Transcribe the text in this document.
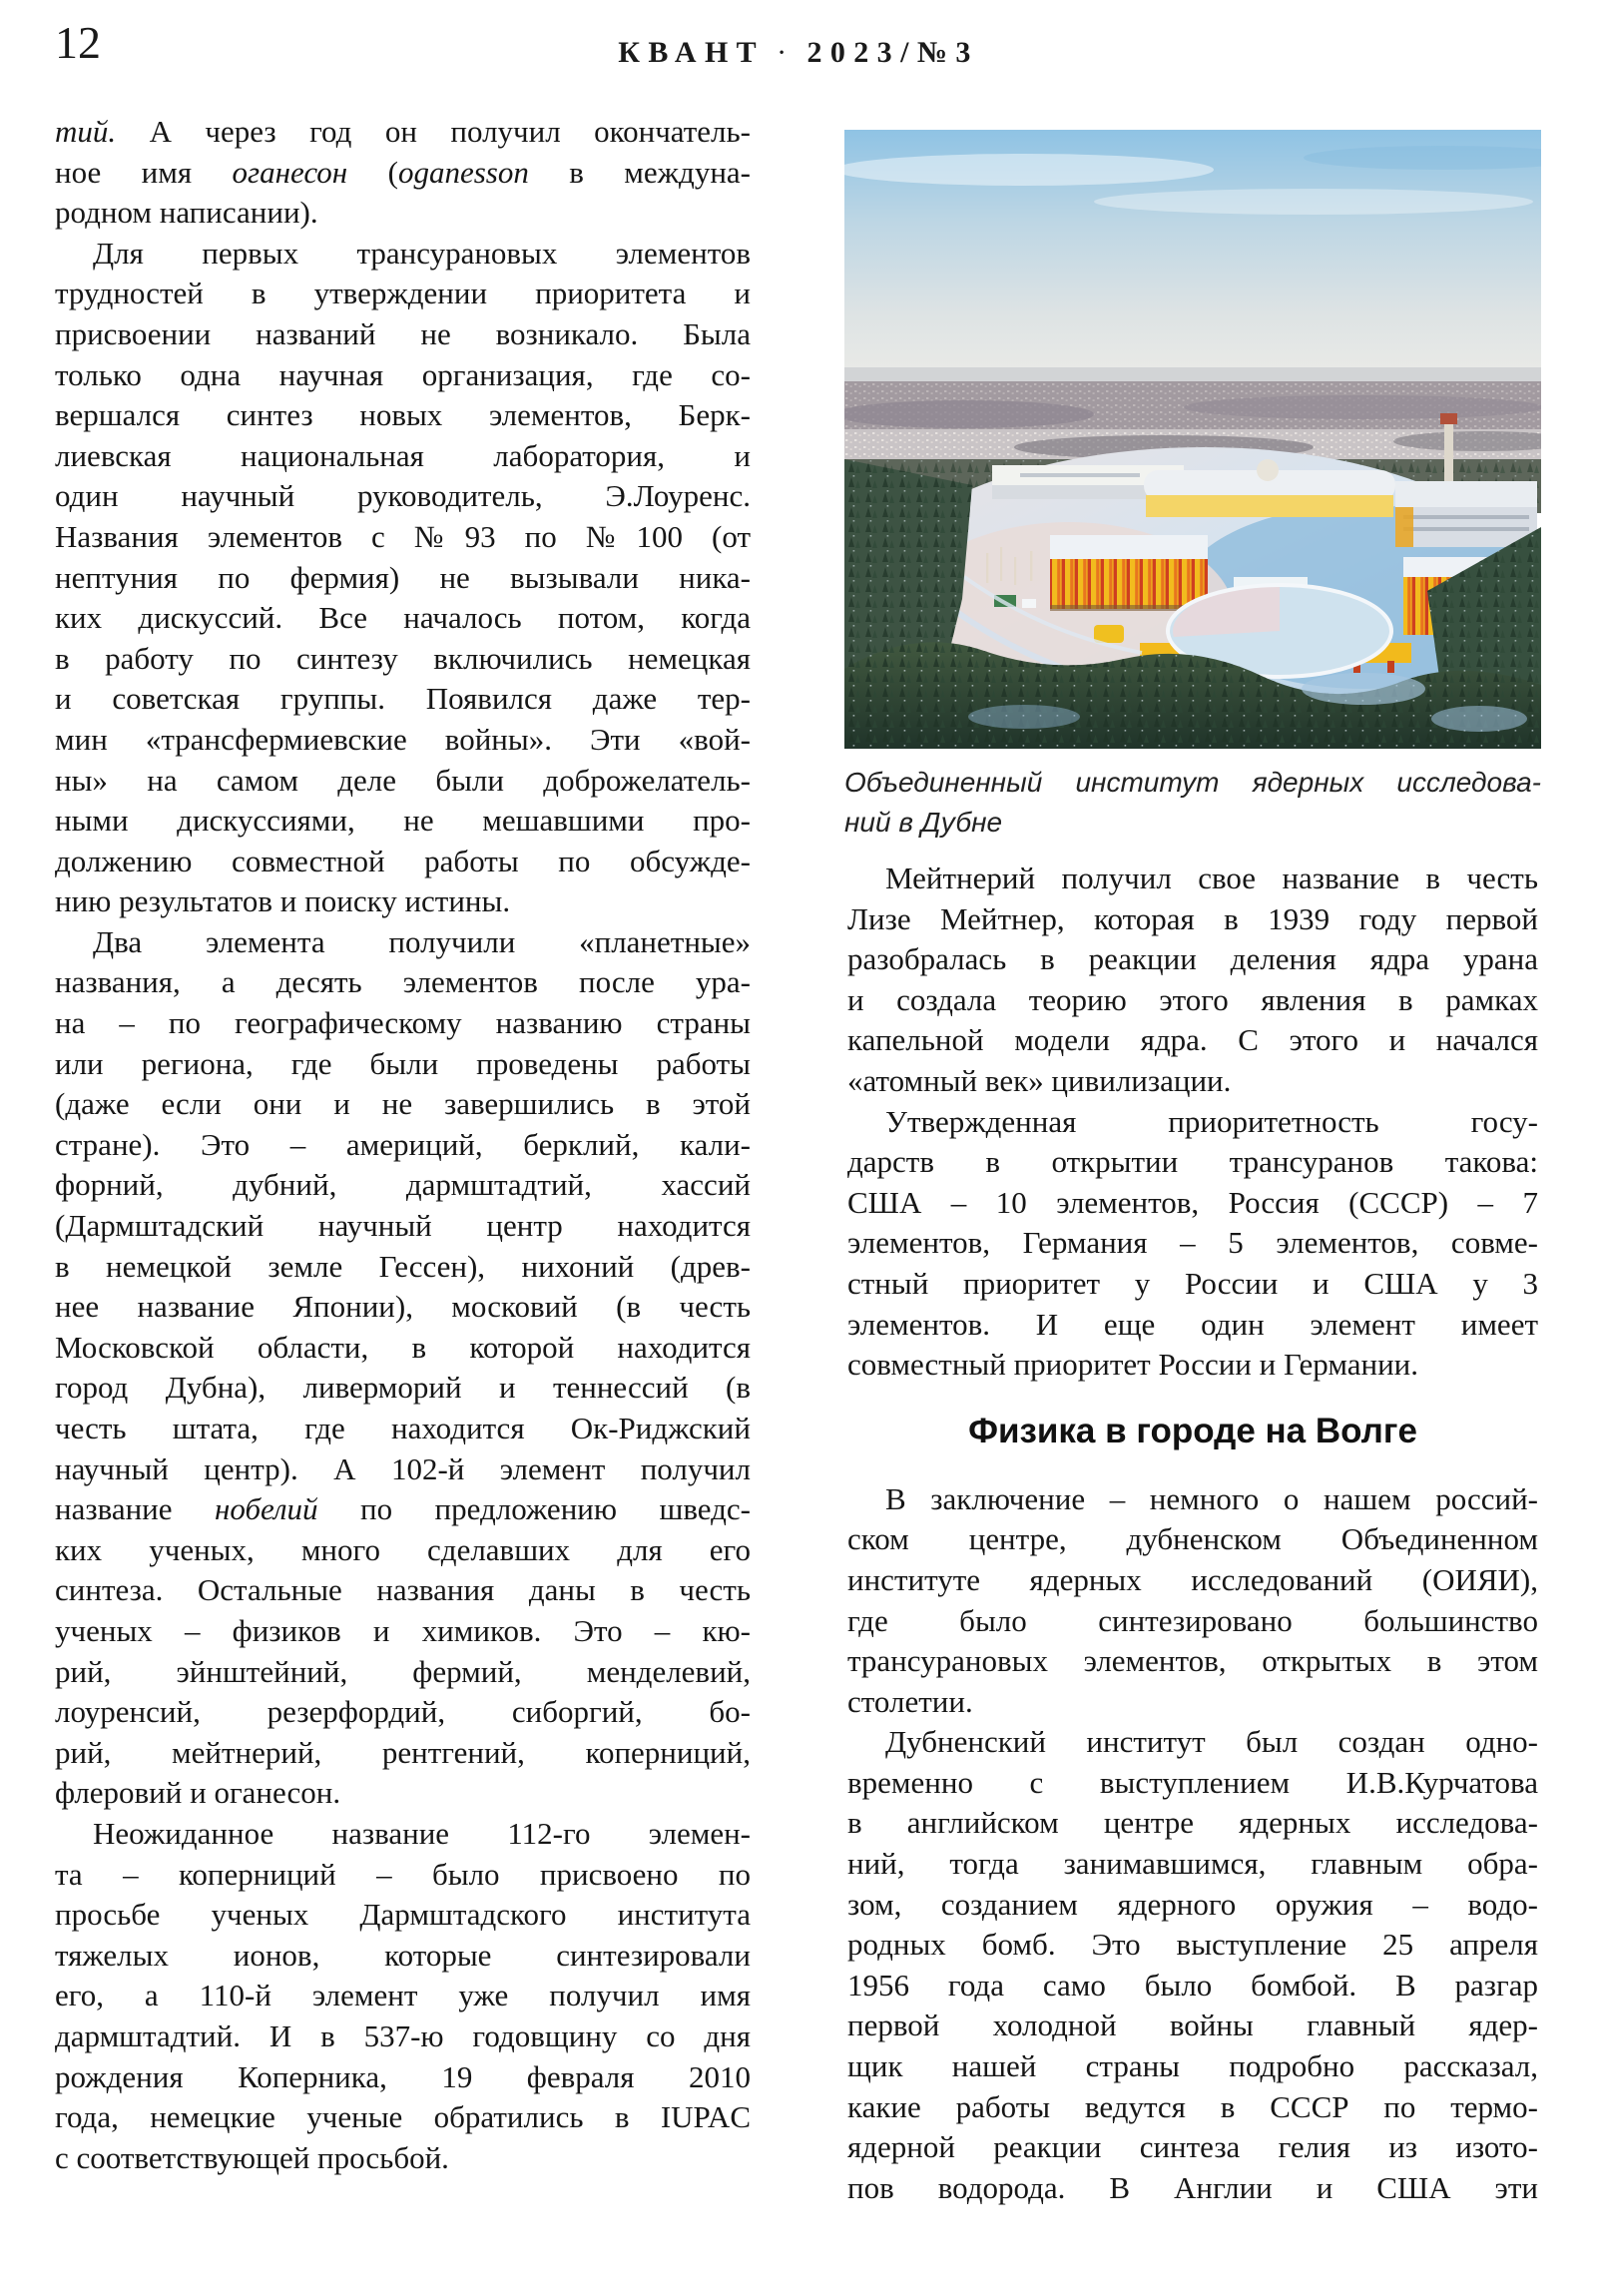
12	КВАНТ · 2023/№3
тий. А через год он получил окончатель-
ное имя оганесон (oganesson в междуна-
родном написании).
Для первых трансурановых элементов
трудностей в утверждении приоритета и
присвоении названий не возникало. Была
только одна научная организация, где со-
вершался синтез новых элементов, Берк-
лиевская национальная лаборатория, и
один научный руководитель, Э.Лоуренс.
Названия элементов с №93 по №100 (от
нептуния по фермия) не вызывали ника-
ких дискуссий. Все началось потом, когда
в работу по синтезу включились немецкая
и советская группы. Появился даже тер-
мин «трансфермиевские войны». Эти «вой-
ны» на самом деле были доброжелатель-
ными дискуссиями, не мешавшими про-
должению совместной работы по обсужде-
нию результатов и поиску истины.
Два элемента получили «планетные»
названия, а десять элементов после ура-
на – по географическому названию страны
или региона, где были проведены работы
(даже если они и не завершились в этой
стране). Это – америций, берклий, кали-
форний, дубний, дармштадтий, хассий
(Дармштадский научный центр находится
в немецкой земле Гессен), нихоний (древ-
нее название Японии), московий (в честь
Московской области, в которой находится
город Дубна), ливерморий и теннессий (в
честь штата, где находится Ок-Риджский
научный центр). А 102-й элемент получил
название нобелий по предложению шведс-
ких ученых, много сделавших для его
синтеза. Остальные названия даны в честь
ученых – физиков и химиков. Это – кю-
рий, эйнштейний, фермий, менделевий,
лоуренсий, резерфордий, сиборгий, бо-
рий, мейтнерий, рентгений, коперниций,
флеровий и оганесон.
Неожиданное название 112-го элемен-
та – коперниций – было присвоено по
просьбе ученых Дармштадского института
тяжелых ионов, которые синтезировали
его, а 110-й элемент уже получил имя
дармштадтий. И в 537-ю годовщину со дня
рождения Коперника, 19 февраля 2010
года, немецкие ученые обратились в IUPAC
с соответствующей просьбой.
Объединенный институт ядерных исследова-
ний в Дубне
Мейтнерий получил свое название в честь
Лизе Мейтнер, которая в 1939 году первой
разобралась в реакции деления ядра урана
и создала теорию этого явления в рамках
капельной модели ядра. С этого и начался
«атомный век» цивилизации.
Утвержденная приоритетность госу-
дарств в открытии трансуранов такова:
США – 10 элементов, Россия (СССР) – 7
элементов, Германия – 5 элементов, совме-
стный приоритет у России и США у 3
элементов. И еще один элемент имеет
совместный приоритет России и Германии.
Физика в городе на Волге
В заключение – немного о нашем россий-
ском центре, дубненском Объединенном
институте ядерных исследований (ОИЯИ),
где было синтезировано большинство
трансурановых элементов, открытых в этом
столетии.
Дубненский институт был создан одно-
временно с выступлением И.В.Курчатова
в английском центре ядерных исследова-
ний, тогда занимавшимся, главным обра-
зом, созданием ядерного оружия – водо-
родных бомб. Это выступление 25 апреля
1956 года само было бомбой. В разгар
первой холодной войны главный ядер-
щик нашей страны подробно рассказал,
какие работы ведутся в СССР по термо-
ядерной реакции синтеза гелия из изото-
пов водорода. В Англии и США эти
